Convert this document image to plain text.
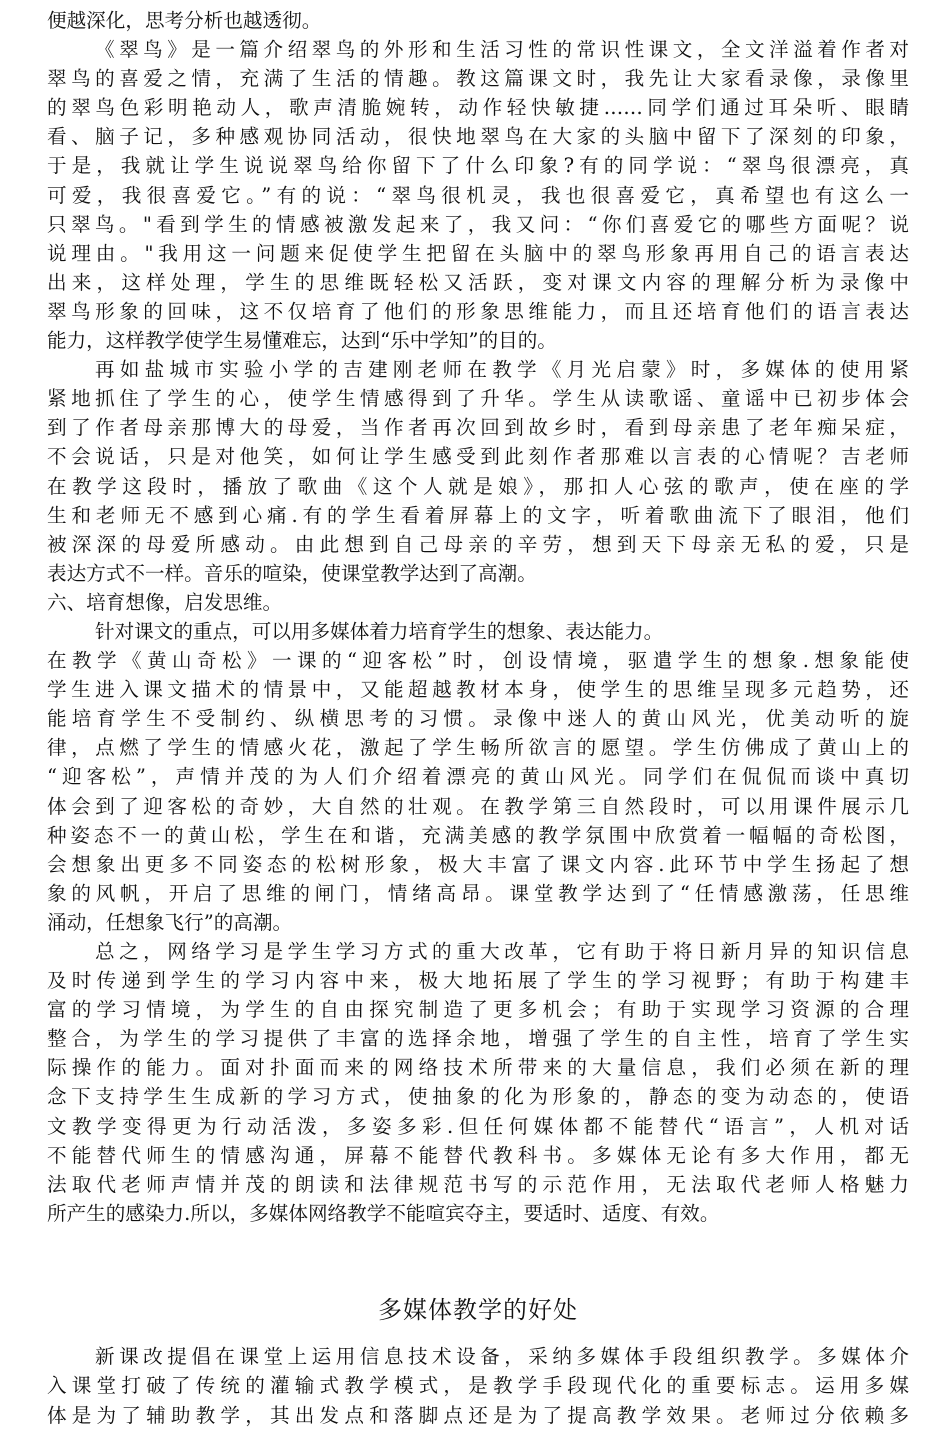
便越深化，思考分析也越透彻。
《翠鸟》是一篇介绍翠鸟的外形和生活习性的常识性课文，全文洋溢着作者对
翠鸟的喜爱之情，充满了生活的情趣。教这篇课文时，我先让大家看录像，录像里
的翠鸟色彩明艳动人，歌声清脆婉转，动作轻快敏捷……同学们通过耳朵听、眼睛
看、脑子记，多种感观协同活动，很快地翠鸟在大家的头脑中留下了深刻的印象，
于是，我就让学生说说翠鸟给你留下了什么印象?有的同学说：“翠鸟很漂亮，真
可爱，我很喜爱它。”有的说：“翠鸟很机灵，我也很喜爱它，真希望也有这么一
只翠鸟。"看到学生的情感被激发起来了，我又问：“你们喜爱它的哪些方面呢？说
说理由。"我用这一问题来促使学生把留在头脑中的翠鸟形象再用自己的语言表达
出来，这样处理，学生的思维既轻松又活跃，变对课文内容的理解分析为录像中
翠鸟形象的回味，这不仅培育了他们的形象思维能力，而且还培育他们的语言表达
能力，这样教学使学生易懂难忘，达到“乐中学知”的目的。
再如盐城市实验小学的吉建刚老师在教学《月光启蒙》时，多媒体的使用紧
紧地抓住了学生的心，使学生情感得到了升华。学生从读歌谣、童谣中已初步体会
到了作者母亲那博大的母爱，当作者再次回到故乡时，看到母亲患了老年痴呆症，
不会说话，只是对他笑，如何让学生感受到此刻作者那难以言表的心情呢？吉老师
在教学这段时，播放了歌曲《这个人就是娘》，那扣人心弦的歌声，使在座的学
生和老师无不感到心痛.有的学生看着屏幕上的文字，听着歌曲流下了眼泪，他们
被深深的母爱所感动。由此想到自己母亲的辛劳，想到天下母亲无私的爱，只是
表达方式不一样。音乐的喧染，使课堂教学达到了高潮。
六、培育想像，启发思维。
针对课文的重点，可以用多媒体着力培育学生的想象、表达能力。
在教学《黄山奇松》一课的“迎客松”时，创设情境，驱遣学生的想象.想象能使
学生进入课文描术的情景中，又能超越教材本身，使学生的思维呈现多元趋势，还
能培育学生不受制约、纵横思考的习惯。录像中迷人的黄山风光，优美动听的旋
律，点燃了学生的情感火花，激起了学生畅所欲言的愿望。学生仿佛成了黄山上的
“迎客松”，声情并茂的为人们介绍着漂亮的黄山风光。同学们在侃侃而谈中真切
体会到了迎客松的奇妙，大自然的壮观。在教学第三自然段时，可以用课件展示几
种姿态不一的黄山松，学生在和谐，充满美感的教学氛围中欣赏着一幅幅的奇松图，
会想象出更多不同姿态的松树形象，极大丰富了课文内容.此环节中学生扬起了想
象的风帆，开启了思维的闸门，情绪高昂。课堂教学达到了“任情感激荡，任思维
涌动，任想象飞行”的高潮。
总之，网络学习是学生学习方式的重大改革，它有助于将日新月异的知识信息
及时传递到学生的学习内容中来，极大地拓展了学生的学习视野；有助于构建丰
富的学习情境，为学生的自由探究制造了更多机会；有助于实现学习资源的合理
整合，为学生的学习提供了丰富的选择余地，增强了学生的自主性，培育了学生实
际操作的能力。面对扑面而来的网络技术所带来的大量信息，我们必须在新的理
念下支持学生生成新的学习方式，使抽象的化为形象的，静态的变为动态的，使语
文教学变得更为行动活泼，多姿多彩.但任何媒体都不能替代“语言”，人机对话
不能替代师生的情感沟通，屏幕不能替代教科书。多媒体无论有多大作用，都无
法取代老师声情并茂的朗读和法律规范书写的示范作用，无法取代老师人格魅力
所产生的感染力.所以，多媒体网络教学不能喧宾夺主，要适时、适度、有效。
多媒体教学的好处
新课改提倡在课堂上运用信息技术设备，采纳多媒体手段组织教学。多媒体介
入课堂打破了传统的灌输式教学模式，是教学手段现代化的重要标志。运用多媒
体是为了辅助教学，其出发点和落脚点还是为了提高教学效果。老师过分依赖多
